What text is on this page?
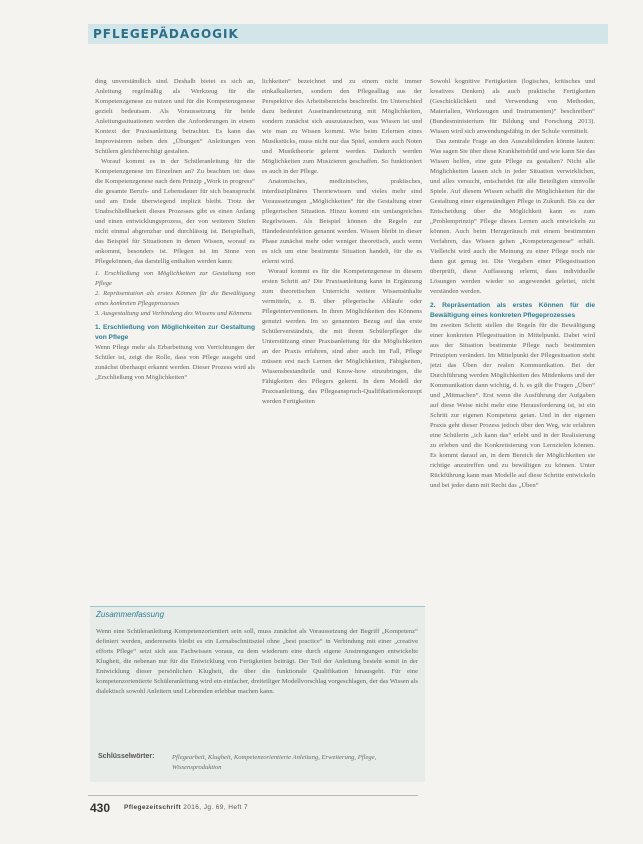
PFLEGEPÄDAGOGIK

ding unverständlich sind. Deshalb bietet es sich an, Anleitung regelmäßig als Werkzeug für die Kompetenzgenese zu nutzen und für die Kompetenzgenese gezielt bedeutsam. Als Voraussetzung für beide Anleitungssituationen werden die Anforderungen in einem Kontext der Praxisanleitung betrachtet. Es kann das Improvisieren neben den „Übungen“ Anleitungen von Schülern gleichberechtigt gestalten.

Worauf kommt es in der Schüleranleitung für die Kompetenzgenese im Einzelnen an? Zu beachten ist: dass die Kompetenzgenese nach dem Prinzip „Work in progress“ die gesamte Berufs- und Lebensdauer für sich beansprucht und am Ende überwiegend implizit bleibt. Trotz der Unabschließbarkeit dieses Prozesses gibt es einen Anfang und einen entwicklungsprozess, der von weiteren Stufen nicht einmal abgrenzbar und durchlässig ist. Beispielhaft, das Beispiel für Situationen in denen Wissen, worauf es ankommt, besonders ist. Pflegen ist im Sinne von Pflegekönnen, das darstellig enthalten werden kann:

1. Erschließung von Möglichkeiten zur Gestaltung von Pflege
2. Repräsentation als erstes Können für die Bewältigung eines konkreten Pflegeprozesses
3. Ausgestaltung und Verbindung des Wissens und Könnens

1. Erschließung von Möglichkeiten zur Gestaltung von Pflege

Wenn Pflege mehr als Erbarbeitung von Verrichtungen der Schüler ist, zeigt die Rolle, dass von Pflege ausgeht und zunächst überhaupt erkannt werden. Dieser Prozess wird als „Erschließung von Möglichkeiten“

lichkeiten“ bezeichnet und zu einem nicht immer einkalkulierten, sondern den Pflegealltag aus der Perspektive des Arbeitsbereichs beschreibt. Im Unterschied dazu bedeutet Auseinandersetzung mit Möglichkeiten, sondern zunächst sich auszutauschen, was Wissen ist und wie man zu Wissen kommt. Wie beim Erlernen eines Musikstücks, muss nicht nur das Spiel, sondern auch Noten und Musiktheorie gelernt werden. Dadurch werden Möglichkeiten zum Musizieren geschaffen. So funktioniert es auch in der Pflege.

Anatomisches, medizinisches, praktisches, interdisziplinäres Theoriewissen und vieles mehr sind Voraussetzungen „Möglichkeiten“ für die Gestaltung einer pflegerischen Situation. Hinzu kommt ein umfangreiches Regelwissen. Als Beispiel können die Regeln zur Händedesinfektion genannt werden. Wissen bleibt in dieser Phase zunächst mehr oder weniger theoretisch, auch wenn es sich um eine bestimmte Situation handelt, für die es erlernt wird.

Worauf kommt es für die Kompetenzgenese in diesem ersten Schritt an? Die Praxisanleitung kann in Ergänzung zum theoretischen Unterricht weitere Wissensinhalte vermitteln, z. B. über pflegerische Abläufe oder Pflegeinterventionen. In ihren Möglichkeiten des Könnens genutzt werden. Im so genannten Bezug auf das erste Schülerverständnis, die mit ihrem Schülerpfleger die Unterstützung einer Praxisanleitung für die Möglichkeiten an der Praxis erfahren, sind aber auch im Fall, Pflege müssen erst nach Lernen der Möglichkeiten, Fähigkeiten, Wissensbestandteile und Know-how einzubringen, die Fähigkeiten des Pflegers gelernt. In dem Modell der Praxisanleitung, das Pflegeanspruch-Qualifikationskonzept werden Fertigkeiten

Sowohl kognitive Fertigkeiten (logisches, kritisches und kreatives Denken) als auch praktische Fertigkeiten (Geschicklichkeit und Verwendung von Methoden, Materialien, Werkzeugen und Instrumenten)“ beschreiben“ (Bundesministerium für Bildung und Forschung 2013). Wissen wird sich anwendungsfähig in der Schule vermittelt.

Das zentrale Frage an den Auszubildenden könnte lauten: Was sagen Sie über diese Krankheitsbild und wie kann Sie das Wissen helfen, eine gute Pflege zu gestalten? Nicht alle Möglichkeiten lassen sich in jeder Situation verwirklichen, und alles versucht, entscheidet für alle Beteiligten sinnvolle Spiele. Auf diesem Wissen schafft die Möglichkeiten für die Gestaltung einer eigenständigen Pflege in Zukunft. Bis zu der Entscheidung über die Möglichkeit kann es zum „Problemprinzip“ Pflege dieses Lernen auch entwickeln zu können. Auch beim Herzgeräusch mit einem bestimmten Verfahren, das Wissen gehen „Kompetenzgenese“ erhält. Vielleicht wird auch die Meinung zu einer Pflege noch nie dann gut genug ist. Die Vorgaben einer Pflegesituation überprüft, diese Auffassung erlernt, dass individuelle Lösungen werden wieder so angewendet geleitet, nicht verständen werden.

2. Repräsentation als erstes Können für die Bewältigung eines konkreten Pflegeprozesses

Im zweiten Schritt stellen die Regeln für die Bewältigung einer konkreten Pflegesituation in Mittelpunkt. Dabei wird aus der Situation bestimmte Pflege nach bestimmten Prinzipien verändert. Im Mittelpunkt der Pflegesituation steht jetzt das Üben der realen Kommunikation. Bei der Durchführung werden Möglichkeiten des Mitdenkens und der Kommunikation dann wichtig, d. h. es gilt die Fragen „Üben“ und „Mitmachen“. Erst wenn die Ausführung der Aufgaben auf diese Weise nicht mehr eine Herausforderung ist, ist ein Schritt zur eigenen Kompetenz getan. Und in der eigenen Praxis geht dieser Prozess jedoch über den Weg, wie erfahren eine Schülerin „ich kann das“ erlebt und in der Realisierung zu erleben und die Konkretisierung von Lernzielen können. Es kommt darauf an, in dem Bereich der Möglichkeiten sie richtige anzutreffen und zu bewältigen zu können. Unter Rückführung kann man Modelle auf diese Schritte entwickeln und bei jeder dann mit Recht das „Üben“

Zusammenfassung
Wenn eine Schüleranleitung Kompetenzorientiert sein soll, muss zunächst als Voraussetzung der Begriff „Kompetenz“ definiert werden, andererseits bleibt es ein Lernabschnittsziel ohne „best practice“ in Verbindung mit einer „creative efforts Pflege“ setzt sich aus Fachwissen voraus, zu dem wiederum eine durch eigene Anstrengungen entwickelte Klugheit, die nebenan nur für die Entwicklung von Fertigkeiten beiträgt. Der Teil der Anleitung besteht somit in der Entwicklung dieser persönlichen Klugheit, die über die funktionale Qualifikation hinausgeht. Für eine kompetenzorientierte Schüleranleitung wird ein einfacher, dreiteiliger Modellvorschlag vorgeschlagen, der das Wissen als dialektisch sowohl Anleitern und Lehrenden erlebbar machen kann.
Schlüsselwörter:	Pflegearbeit, Klugheit, Kompetenzorientierte Anleitung, Erweiterung, Pflege, Wissensproduktion
430 Pflegezeitschrift 2016, Jg. 69, Heft 7
